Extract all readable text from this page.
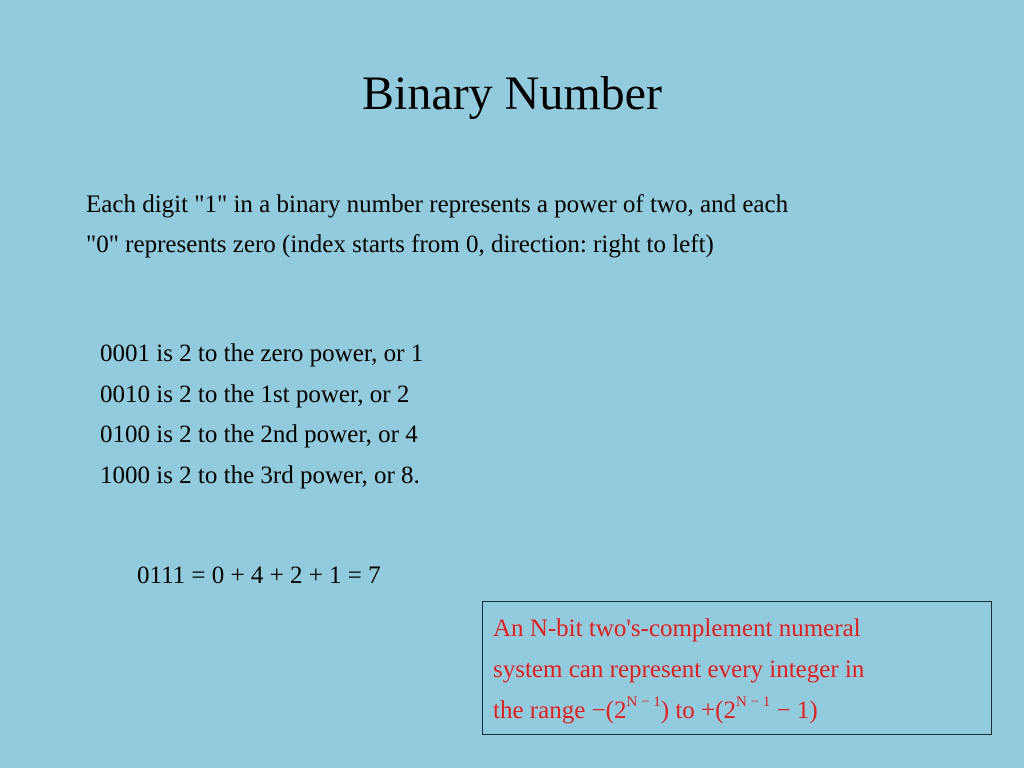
Binary Number

Each digit "1" in a binary number represents a power of two, and each

"0" represents zero (index starts from 0, direction: right to left)

0001 is 2 to the zero power, or 1
0010 is 2 to the 1st power, or 2
0100 is 2 to the 2nd power, or 4
1000 is 2 to the 3rd power, or 8.
0111 = 0 + 4 + 2 + 1 = 7

An N-bit two's-complement numeral

system can represent every integer in

the range $-(2^{N - 1})$ to $+(2^{N - 1} - 1)$
